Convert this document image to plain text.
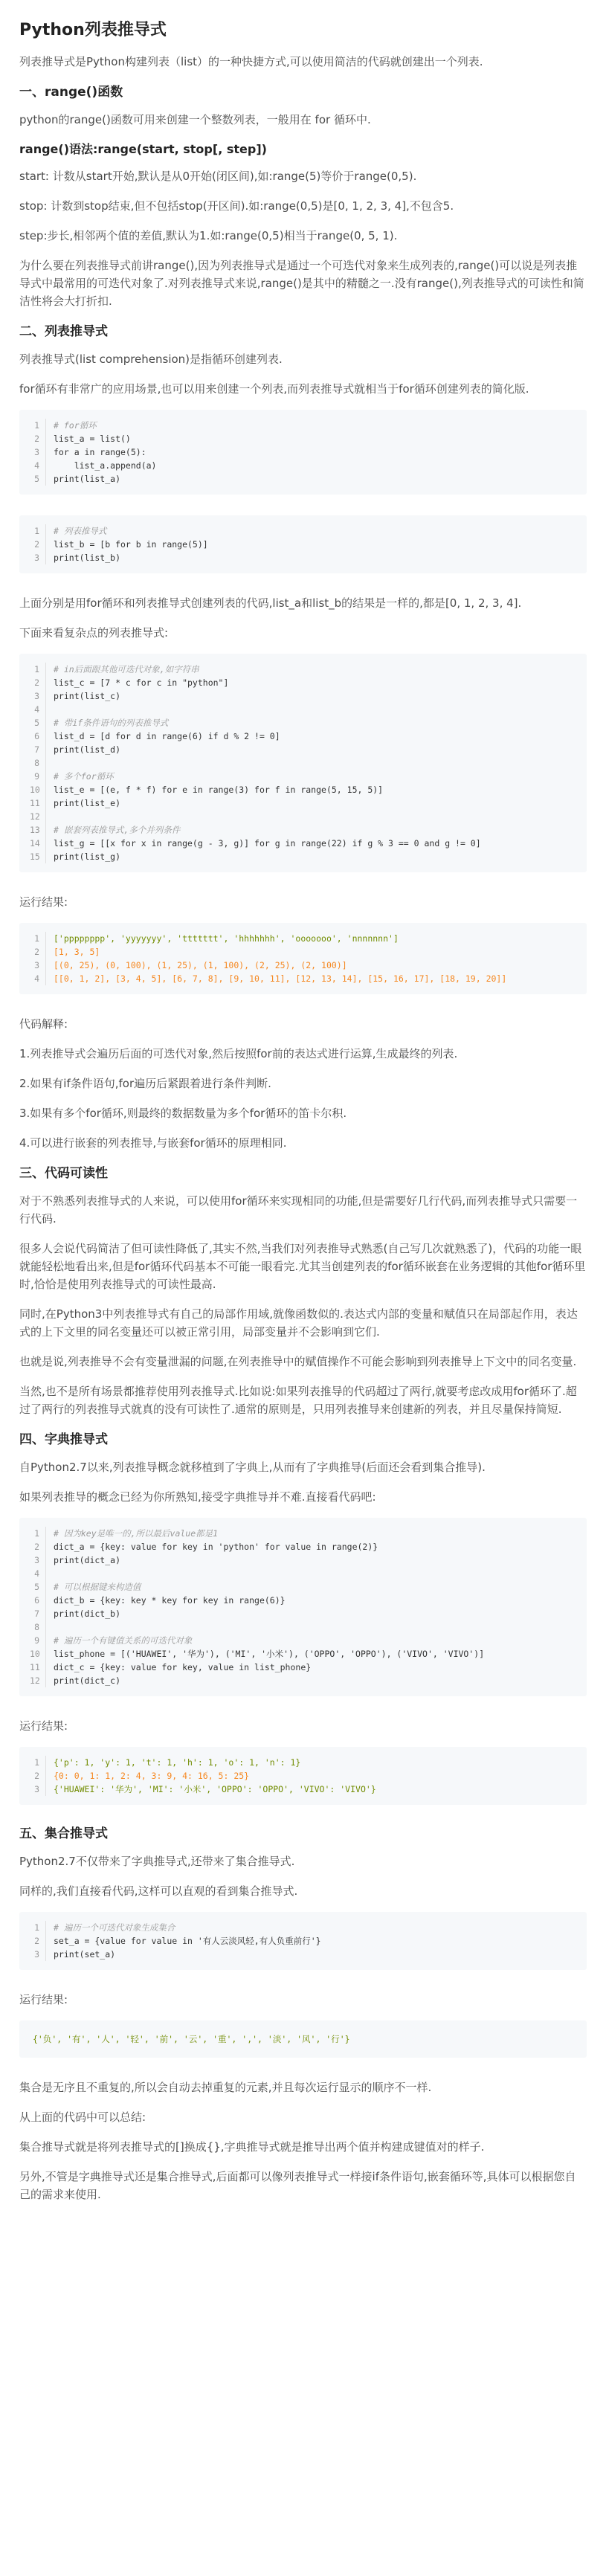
Python列表推导式

列表推导式是Python构建列表（list）的一种快捷方式,可以使用简洁的代码就创建出一个列表.

一、range()函数

python的range()函数可用来创建一个整数列表，一般用在 for 循环中.

range()语法:range(start, stop[, step])

start: 计数从start开始,默认是从0开始(闭区间),如:range(5)等价于range(0,5).

stop: 计数到stop结束,但不包括stop(开区间).如:range(0,5)是[0, 1, 2, 3, 4],不包含5.

step:步长,相邻两个值的差值,默认为1.如:range(0,5)相当于range(0, 5, 1).

为什么要在列表推导式前讲range(),因为列表推导式是通过一个可迭代对象来生成列表的,range()可以说是列表推导式中最常用的可迭代对象了.对列表推导式来说,range()是其中的精髓之一.没有range(),列表推导式的可读性和简洁性将会大打折扣.

二、列表推导式

列表推导式(list comprehension)是指循环创建列表.

for循环有非常广的应用场景,也可以用来创建一个列表,而列表推导式就相当于for循环创建列表的简化版.

1	# for循环
2	list_a = list()
3	for a in range(5):
4	list_a.append(a)
5	print(list_a)
1	# 列表推导式
2	list_b = [b for b in range(5)]
3	print(list_b)

上面分别是用for循环和列表推导式创建列表的代码,list_a和list_b的结果是一样的,都是[0, 1, 2, 3, 4].

下面来看复杂点的列表推导式:

1	# in后面跟其他可迭代对象,如字符串
2	list_c = [7 * c for c in "python"]
3	print(list_c)
4
5	# 带if条件语句的列表推导式
6	list_d = [d for d in range(6) if d % 2 != 0]
7	print(list_d)
8
9	# 多个for循环
10	list_e = [(e, f * f) for e in range(3) for f in range(5, 15, 5)]
11	print(list_e)
12
13	# 嵌套列表推导式,多个并列条件
14	list_g = [[x for x in range(g - 3, g)] for g in range(22) if g % 3 == 0 and g != 0]
15	print(list_g)

运行结果:

1	['pppppppp', 'yyyyyyy', 'ttttttt', 'hhhhhhh', 'ooooooo', 'nnnnnnn']
2	[1, 3, 5]
3	[(0, 25), (0, 100), (1, 25), (1, 100), (2, 25), (2, 100)]
4	[[0, 1, 2], [3, 4, 5], [6, 7, 8], [9, 10, 11], [12, 13, 14], [15, 16, 17], [18, 19, 20]]

代码解释:

1.列表推导式会遍历后面的可迭代对象,然后按照for前的表达式进行运算,生成最终的列表.

2.如果有if条件语句,for遍历后紧跟着进行条件判断.

3.如果有多个for循环,则最终的数据数量为多个for循环的笛卡尔积.

4.可以进行嵌套的列表推导,与嵌套for循环的原理相同.

三、代码可读性

对于不熟悉列表推导式的人来说，可以使用for循环来实现相同的功能,但是需要好几行代码,而列表推导式只需要一行代码.

很多人会说代码简洁了但可读性降低了,其实不然,当我们对列表推导式熟悉(自己写几次就熟悉了)，代码的功能一眼就能轻松地看出来,但是for循环代码基本不可能一眼看完.尤其当创建列表的for循环嵌套在业务逻辑的其他for循环里时,恰恰是使用列表推导式的可读性最高.

同时,在Python3中列表推导式有自己的局部作用域,就像函数似的.表达式内部的变量和赋值只在局部起作用，表达式的上下文里的同名变量还可以被正常引用，局部变量并不会影响到它们.

也就是说,列表推导不会有变量泄漏的问题,在列表推导中的赋值操作不可能会影响到列表推导上下文中的同名变量.

当然,也不是所有场景都推荐使用列表推导式.比如说:如果列表推导的代码超过了两行,就要考虑改成用for循环了.超过了两行的列表推导式就真的没有可读性了.通常的原则是，只用列表推导来创建新的列表，并且尽量保持简短.

四、字典推导式

自Python2.7以来,列表推导概念就移植到了字典上,从而有了字典推导(后面还会看到集合推导).

如果列表推导的概念已经为你所熟知,接受字典推导并不难.直接看代码吧:

1	# 因为key是唯一的,所以最后value都是1
2	dict_a = {key: value for key in 'python' for value in range(2)}
3	print(dict_a)
4
5	# 可以根据键来构造值
6	dict_b = {key: key * key for key in range(6)}
7	print(dict_b)
8
9	# 遍历一个有键值关系的可迭代对象
10	list_phone = [('HUAWEI', '华为'), ('MI', '小米'), ('OPPO', 'OPPO'), ('VIVO', 'VIVO')]
11	dict_c = {key: value for key, value in list_phone}
12	print(dict_c)

运行结果:

1	{'p': 1, 'y': 1, 't': 1, 'h': 1, 'o': 1, 'n': 1}
2	{0: 0, 1: 1, 2: 4, 3: 9, 4: 16, 5: 25}
3	{'HUAWEI': '华为', 'MI': '小米', 'OPPO': 'OPPO', 'VIVO': 'VIVO'}
五、集合推导式

Python2.7不仅带来了字典推导式,还带来了集合推导式.

同样的,我们直接看代码,这样可以直观的看到集合推导式.

1	# 遍历一个可迭代对象生成集合
2	set_a = {value for value in '有人云淡风轻,有人负重前行'}
3	print(set_a)

运行结果:

{'负', '有', '人', '轻', '前', '云', '重', ',', '淡', '风', '行'}

集合是无序且不重复的,所以会自动去掉重复的元素,并且每次运行显示的顺序不一样.

从上面的代码中可以总结:

集合推导式就是将列表推导式的[]换成{},字典推导式就是推导出两个值并构建成键值对的样子.

另外,不管是字典推导式还是集合推导式,后面都可以像列表推导式一样接if条件语句,嵌套循环等,具体可以根据您自己的需求来使用.
